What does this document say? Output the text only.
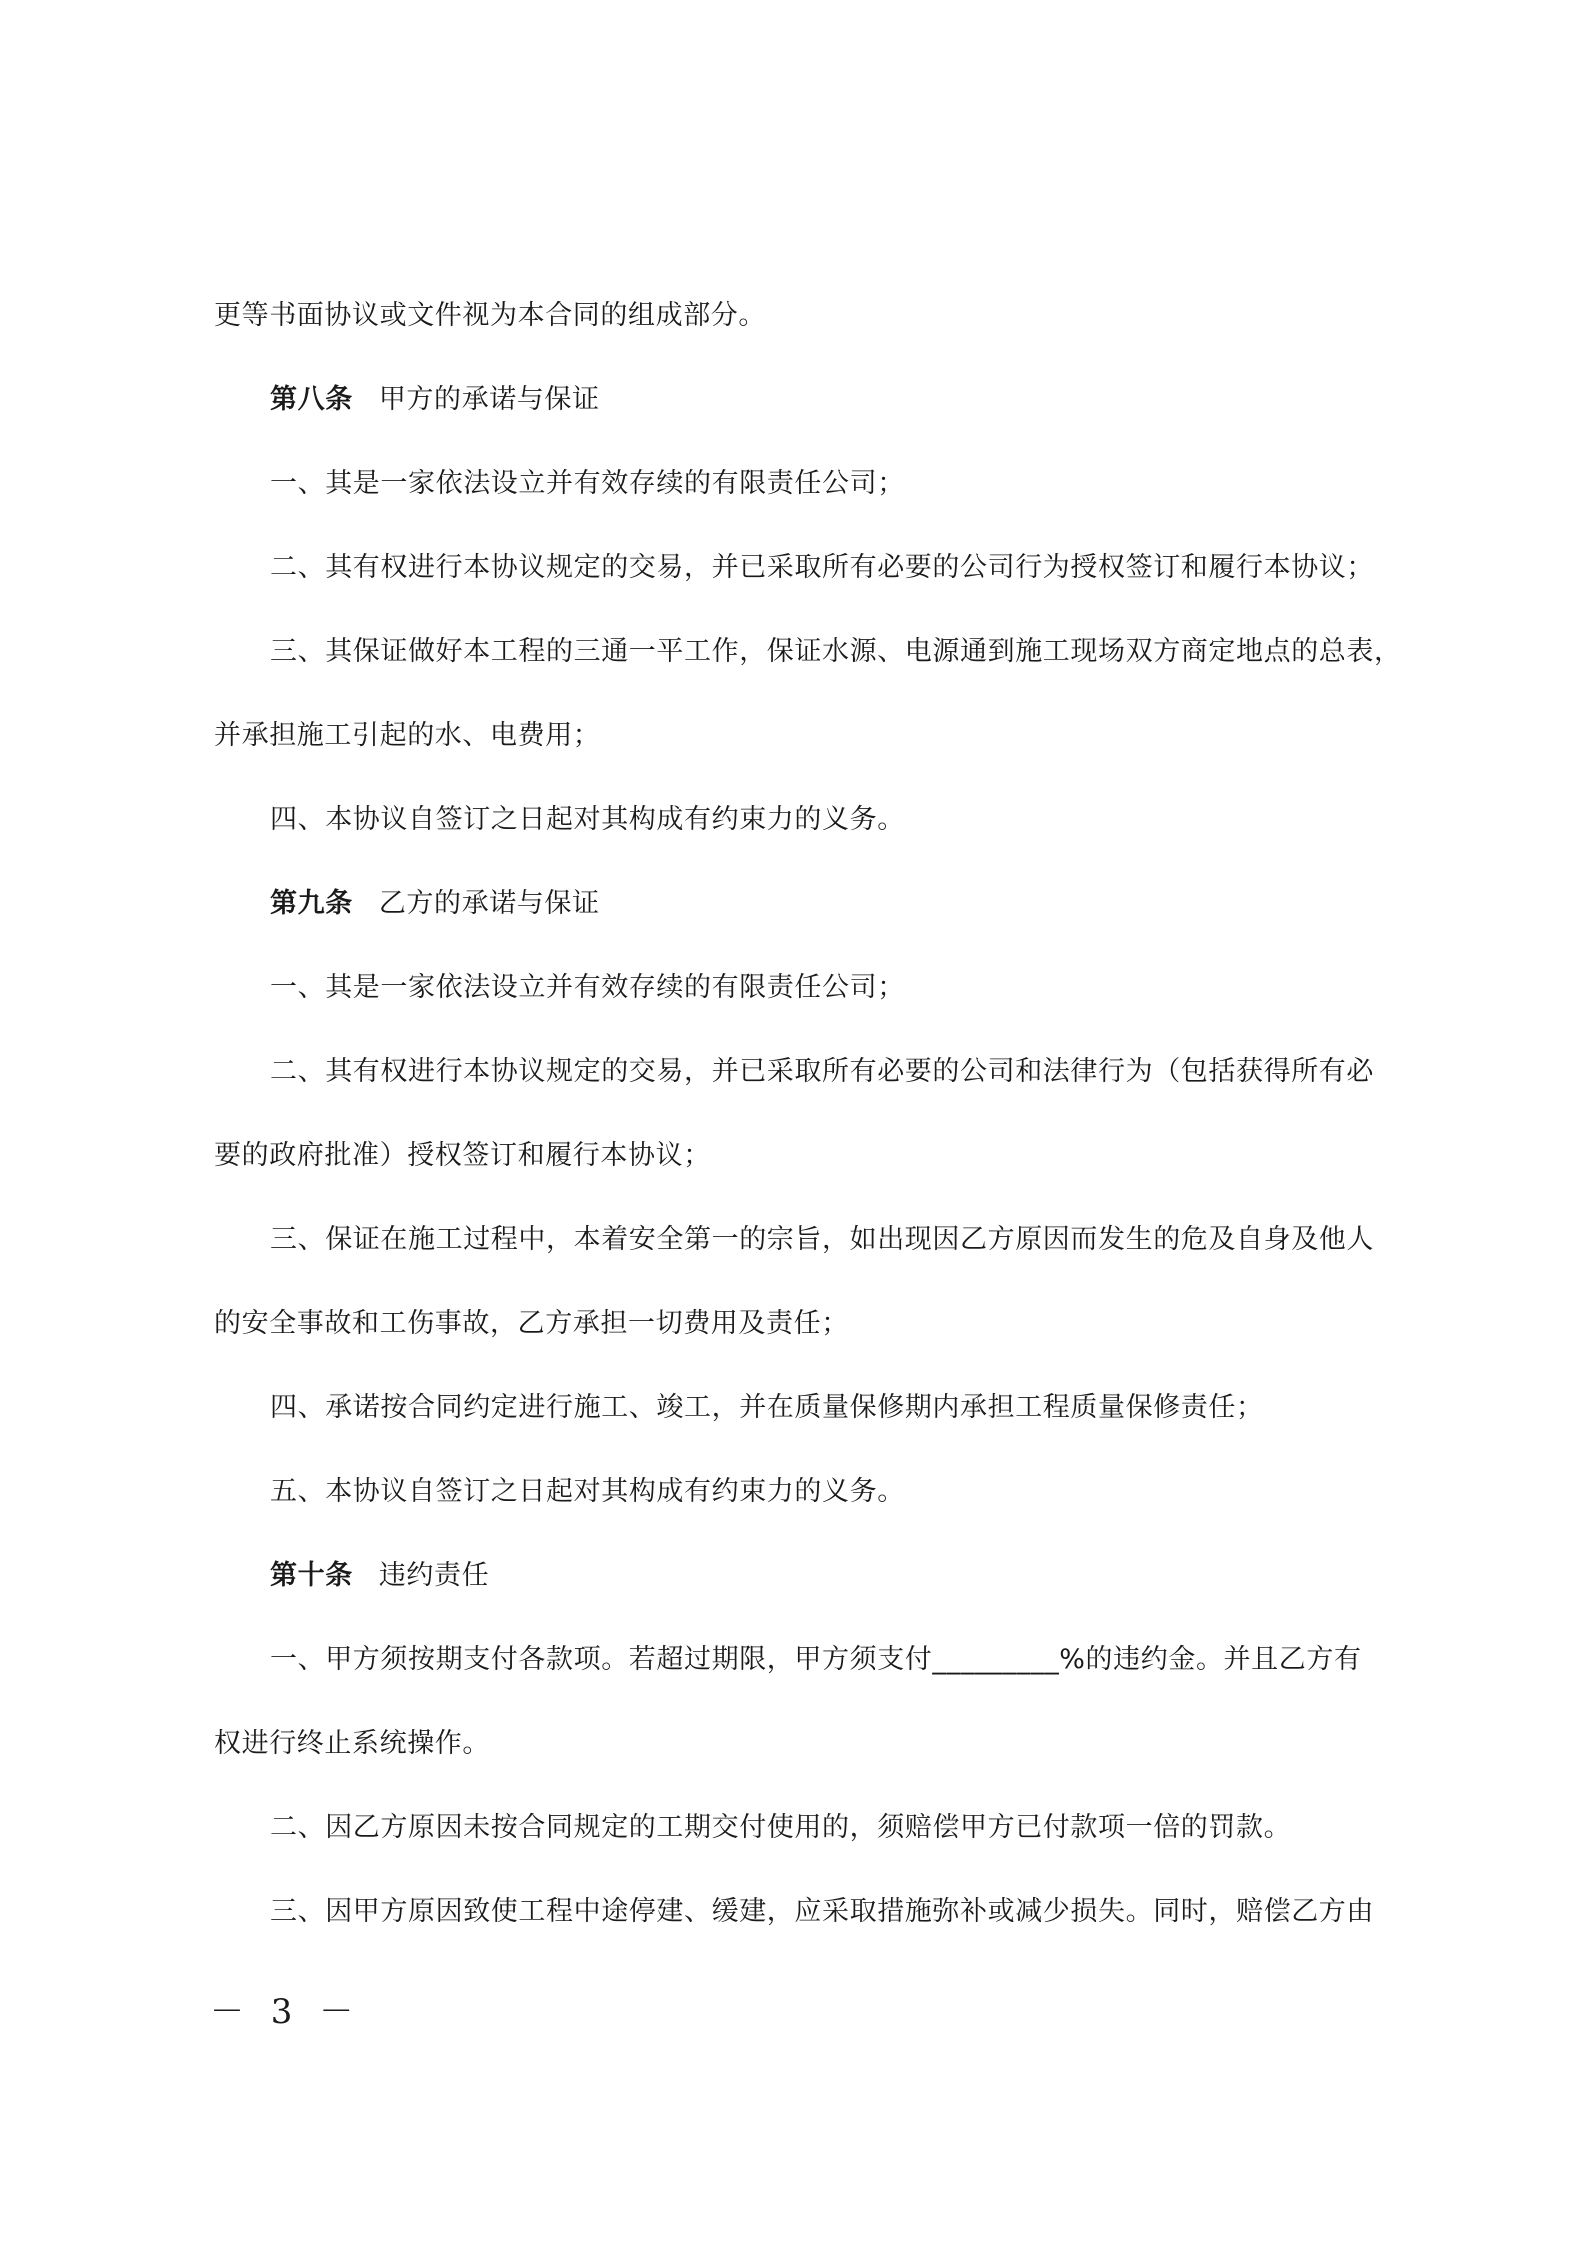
更等书面协议或文件视为本合同的组成部分。
第八条 甲方的承诺与保证
一、其是一家依法设立并有效存续的有限责任公司；
二、其有权进行本协议规定的交易，并已采取所有必要的公司行为授权签订和履行本协议；
三、其保证做好本工程的三通一平工作，保证水源、电源通到施工现场双方商定地点的总表，
并承担施工引起的水、电费用；
四、本协议自签订之日起对其构成有约束力的义务。
第九条 乙方的承诺与保证
一、其是一家依法设立并有效存续的有限责任公司；
二、其有权进行本协议规定的交易，并已采取所有必要的公司和法律行为（包括获得所有必
要的政府批准）授权签订和履行本协议；
三、保证在施工过程中，本着安全第一的宗旨，如出现因乙方原因而发生的危及自身及他人
的安全事故和工伤事故，乙方承担一切费用及责任；
四、承诺按合同约定进行施工、竣工，并在质量保修期内承担工程质量保修责任；
五、本协议自签订之日起对其构成有约束力的义务。
第十条 违约责任
一、甲方须按期支付各款项。若超过期限，甲方须支付_________%的违约金。并且乙方有
权进行终止系统操作。
二、因乙方原因未按合同规定的工期交付使用的，须赔偿甲方已付款项一倍的罚款。
三、因甲方原因致使工程中途停建、缓建，应采取措施弥补或减少损失。同时，赔偿乙方由
－ 3 －
